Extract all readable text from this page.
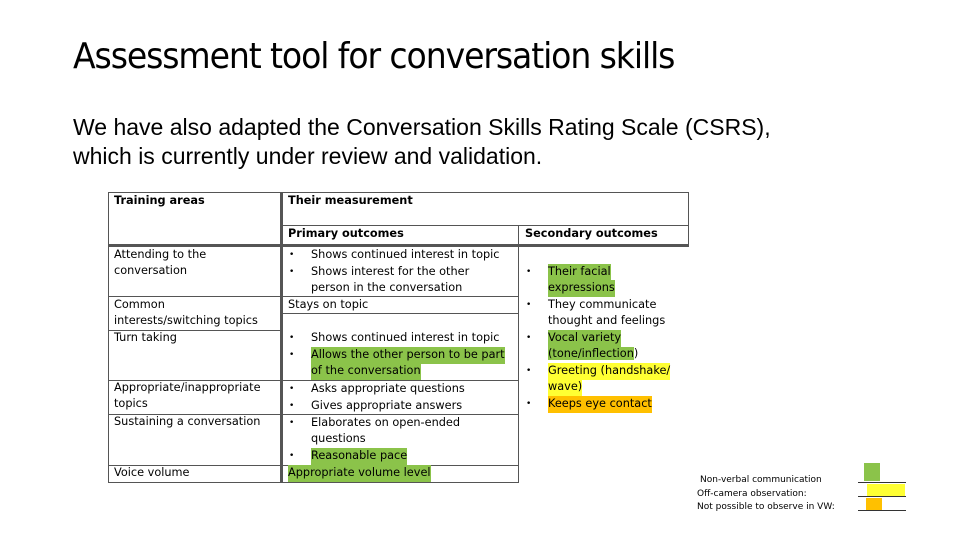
Assessment tool for conversation skills
We have also adapted the Conversation Skills Rating Scale (CSRS), which is currently under review and validation.
Training areas	Their measurement
Primary outcomes	Secondary outcomes
Attending to the
conversation
Common
interests/switching topics
Turn taking
Appropriate/inappropriate
topics
Sustaining a conversation
Voice volume
• Shows continued interest in topic
• Shows interest for the other
person in the conversation
Stays on topic
• Shows continued interest in topic
• Allows the other person to be part
of the conversation
• Asks appropriate questions
• Gives appropriate answers
• Elaborates on open-ended
questions
• Reasonable pace
Appropriate volume level
• Their facial
expressions
• They communicate
thought and feelings
• Vocal variety
(tone/inflection)
• Greeting (handshake/
wave)
• Keeps eye contact
Non-verbal communication
Off-camera observation:
Not possible to observe in VW:
